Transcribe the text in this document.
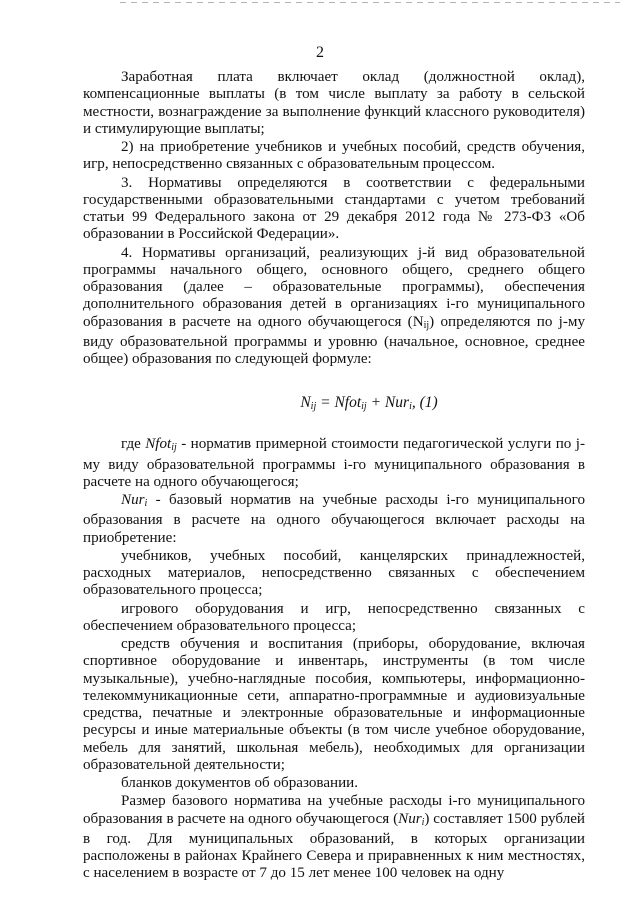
2

Заработная плата включает оклад (должностной оклад), компенсационные выплаты (в том числе выплату за работу в сельской местности, вознаграждение за выполнение функций классного руководителя) и стимулирующие выплаты;

2) на приобретение учебников и учебных пособий, средств обучения, игр, непосредственно связанных с образовательным процессом.

3. Нормативы определяются в соответствии с федеральными государственными образовательными стандартами с учетом требований статьи 99 Федерального закона от 29 декабря 2012 года № 273-ФЗ «Об образовании в Российской Федерации».

4. Нормативы организаций, реализующих j-й вид образовательной программы начального общего, основного общего, среднего общего образования (далее – образовательные программы), обеспечения дополнительного образования детей в организациях i-го муниципального образования в расчете на одного обучающегося $(N_{ij})$ определяются по j-му виду образовательной программы и уровню (начальное, основное, среднее общее) образования по следующей формуле:

$N_{ij}$ = Nfot$_{ij}$ + Nur$_i$, (1)

где Nfot$_{ij}$ - норматив примерной стоимости педагогической услуги по j-му виду образовательной программы i-го муниципального образования в расчете на одного обучающегося;

Nur$_i$ - базовый норматив на учебные расходы i-го муниципального образования в расчете на одного обучающегося включает расходы на приобретение:

учебников, учебных пособий, канцелярских принадлежностей, расходных материалов, непосредственно связанных с обеспечением образовательного процесса;

игрового оборудования и игр, непосредственно связанных с обеспечением образовательного процесса;

средств обучения и воспитания (приборы, оборудование, включая спортивное оборудование и инвентарь, инструменты (в том числе музыкальные), учебно-наглядные пособия, компьютеры, информационно-телекоммуникационные сети, аппаратно-программные и аудиовизуальные средства, печатные и электронные образовательные и информационные ресурсы и иные материальные объекты (в том числе учебное оборудование, мебель для занятий, школьная мебель), необходимых для организации образовательной деятельности;

бланков документов об образовании.

Размер базового норматива на учебные расходы i-го муниципального образования в расчете на одного обучающегося (Nur$_i$) составляет 1500 рублей в год. Для муниципальных образований, в которых организации расположены в районах Крайнего Севера и приравненных к ним местностях, с населением в возрасте от 7 до 15 лет менее 100 человек на одну
